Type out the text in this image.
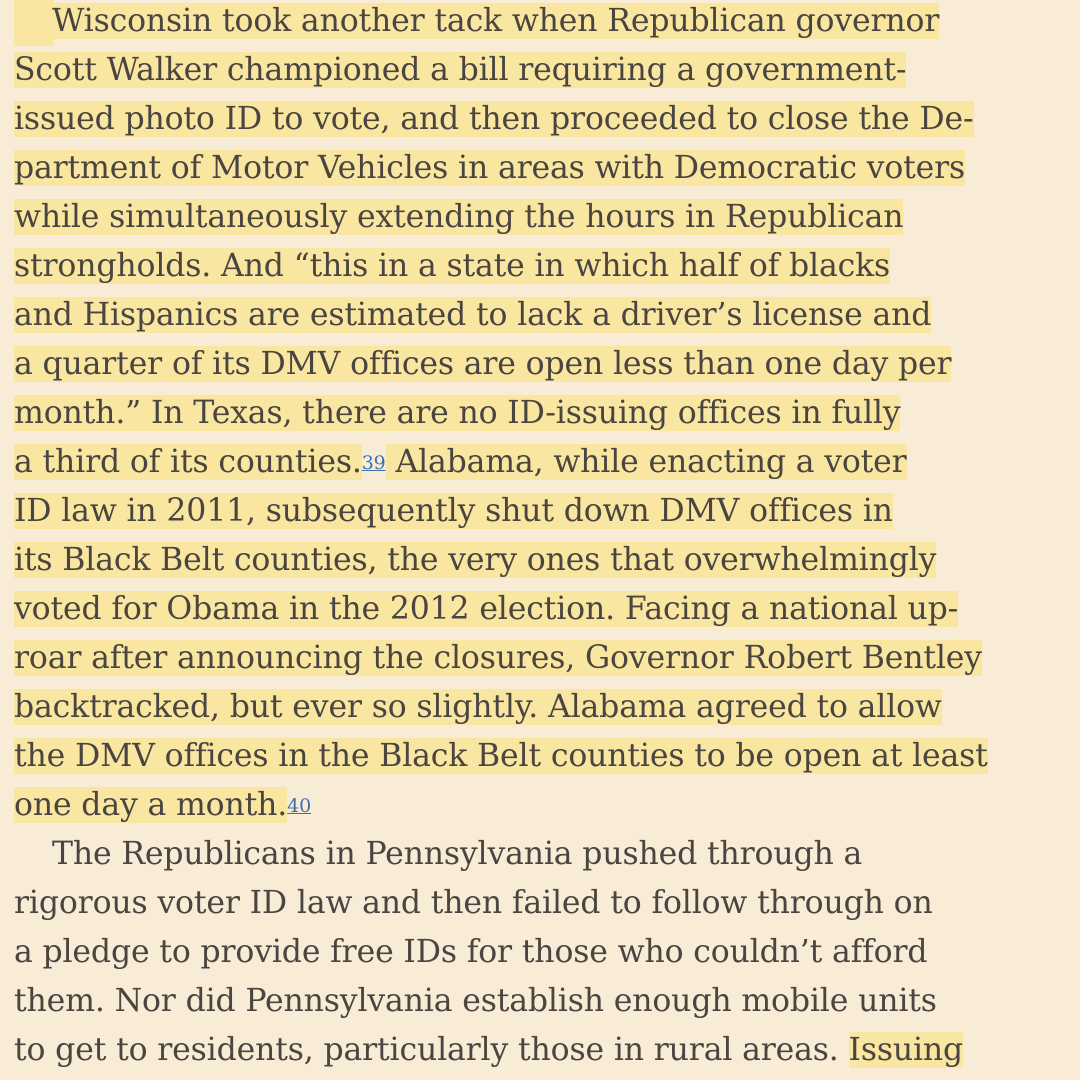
Wisconsin took another tack when Republican governor
Scott Walker championed a bill requiring a government-
issued photo ID to vote, and then proceeded to close the De-
partment of Motor Vehicles in areas with Democratic voters
while simultaneously extending the hours in Republican
strongholds. And “this in a state in which half of blacks
and Hispanics are estimated to lack a driver’s license and
a quarter of its DMV offices are open less than one day per
month.” In Texas, there are no ID-issuing offices in fully
a third of its counties.39 Alabama, while enacting a voter
ID law in 2011, subsequently shut down DMV offices in
its Black Belt counties, the very ones that overwhelmingly
voted for Obama in the 2012 election. Facing a national up-
roar after announcing the closures, Governor Robert Bentley
backtracked, but ever so slightly. Alabama agreed to allow
the DMV offices in the Black Belt counties to be open at least
one day a month.40
The Republicans in Pennsylvania pushed through a
rigorous voter ID law and then failed to follow through on
a pledge to provide free IDs for those who couldn’t afford
them. Nor did Pennsylvania establish enough mobile units
to get to residents, particularly those in rural areas. Issuing
